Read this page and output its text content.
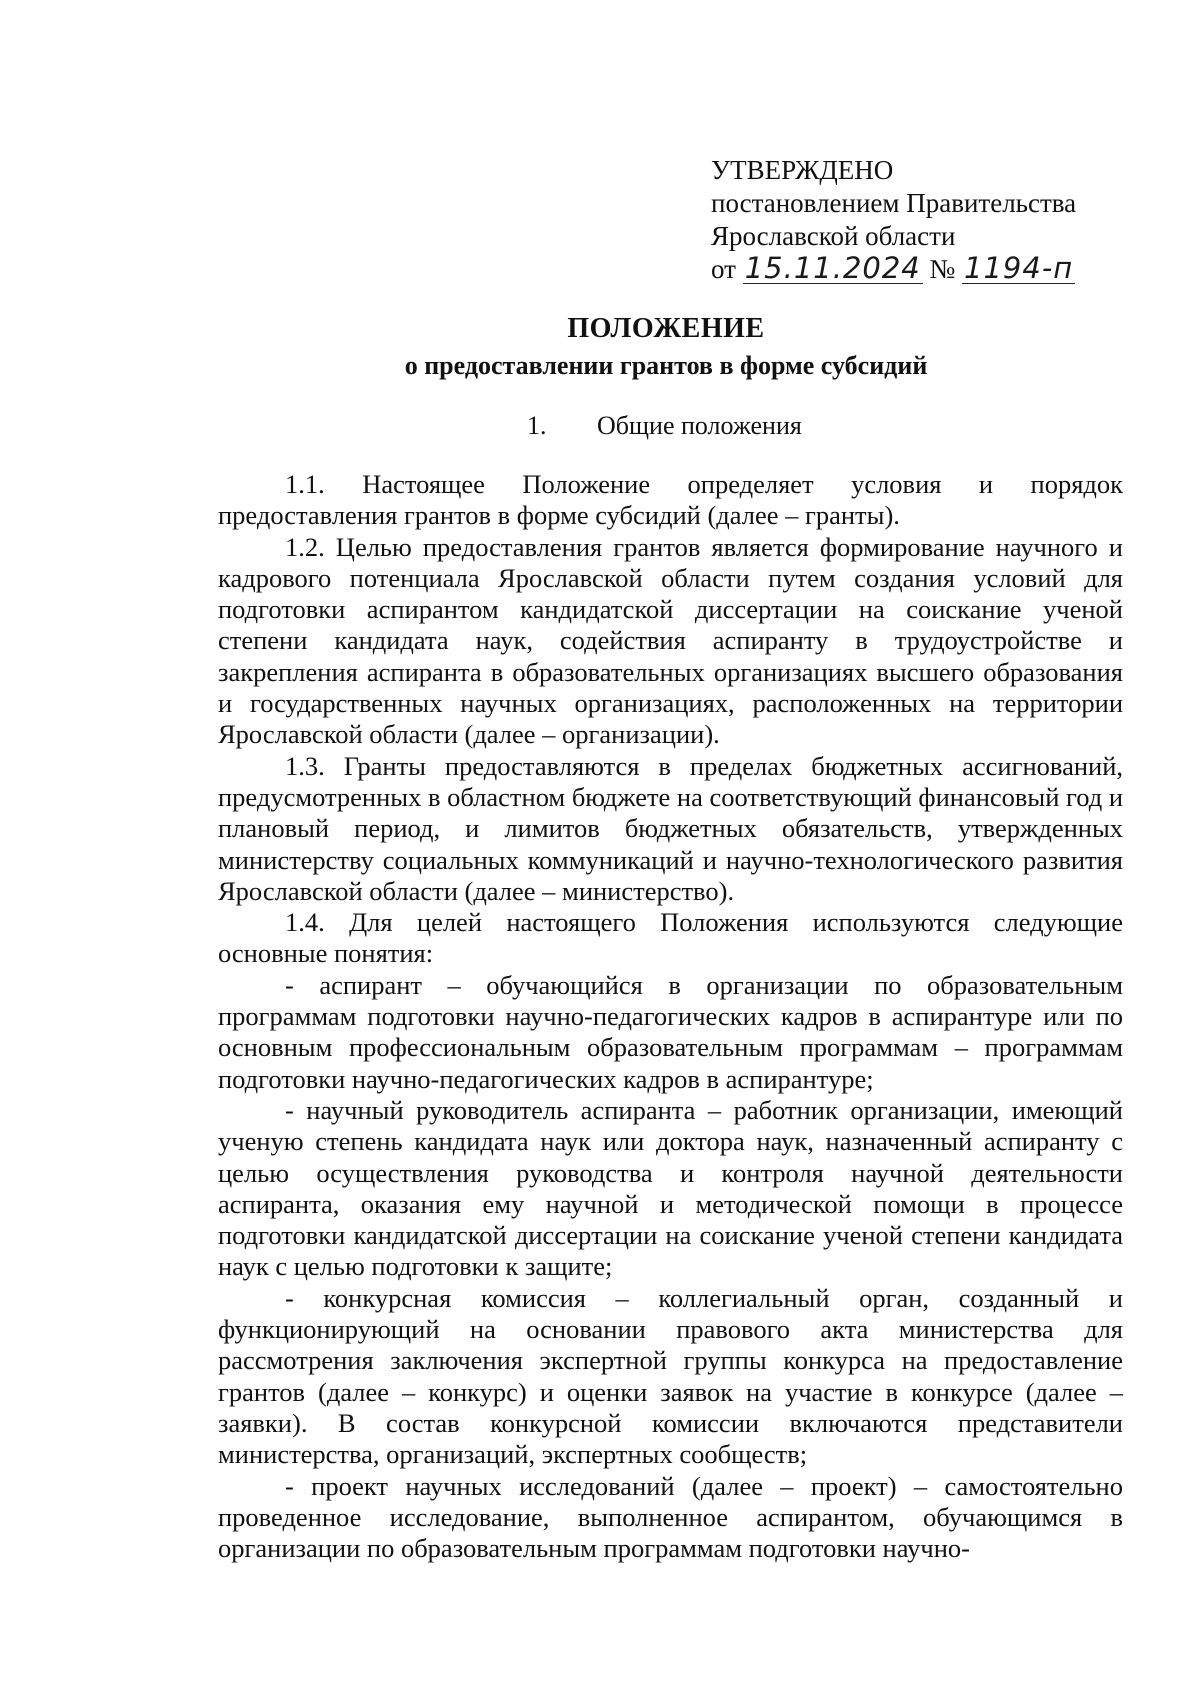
УТВЕРЖДЕНО
постановлением Правительства
Ярославской области
от 15.11.2024 № 1194-п
ПОЛОЖЕНИЕ
о предоставлении грантов в форме субсидий
1. Общие положения

1.1. Настоящее Положение определяет условия и порядок предоставления грантов в форме субсидий (далее – гранты).

1.2. Целью предоставления грантов является формирование научного и кадрового потенциала Ярославской области путем создания условий для подготовки аспирантом кандидатской диссертации на соискание ученой степени кандидата наук, содействия аспиранту в трудоустройстве и закрепления аспиранта в образовательных организациях высшего образования и государственных научных организациях, расположенных на территории Ярославской области (далее – организации).

1.3. Гранты предоставляются в пределах бюджетных ассигнований, предусмотренных в областном бюджете на соответствующий финансовый год и плановый период, и лимитов бюджетных обязательств, утвержденных министерству социальных коммуникаций и научно-технологического развития Ярославской области (далее – министерство).

1.4. Для целей настоящего Положения используются следующие основные понятия:

- аспирант – обучающийся в организации по образовательным программам подготовки научно-педагогических кадров в аспирантуре или по основным профессиональным образовательным программам – программам подготовки научно-педагогических кадров в аспирантуре;

- научный руководитель аспиранта – работник организации, имеющий ученую степень кандидата наук или доктора наук, назначенный аспиранту с целью осуществления руководства и контроля научной деятельности аспиранта, оказания ему научной и методической помощи в процессе подготовки кандидатской диссертации на соискание ученой степени кандидата наук с целью подготовки к защите;

- конкурсная комиссия – коллегиальный орган, созданный и функционирующий на основании правового акта министерства для рассмотрения заключения экспертной группы конкурса на предоставление грантов (далее – конкурс) и оценки заявок на участие в конкурсе (далее – заявки). В состав конкурсной комиссии включаются представители министерства, организаций, экспертных сообществ;

- проект научных исследований (далее – проект) – самостоятельно проведенное исследование, выполненное аспирантом, обучающимся в организации по образовательным программам подготовки научно-
